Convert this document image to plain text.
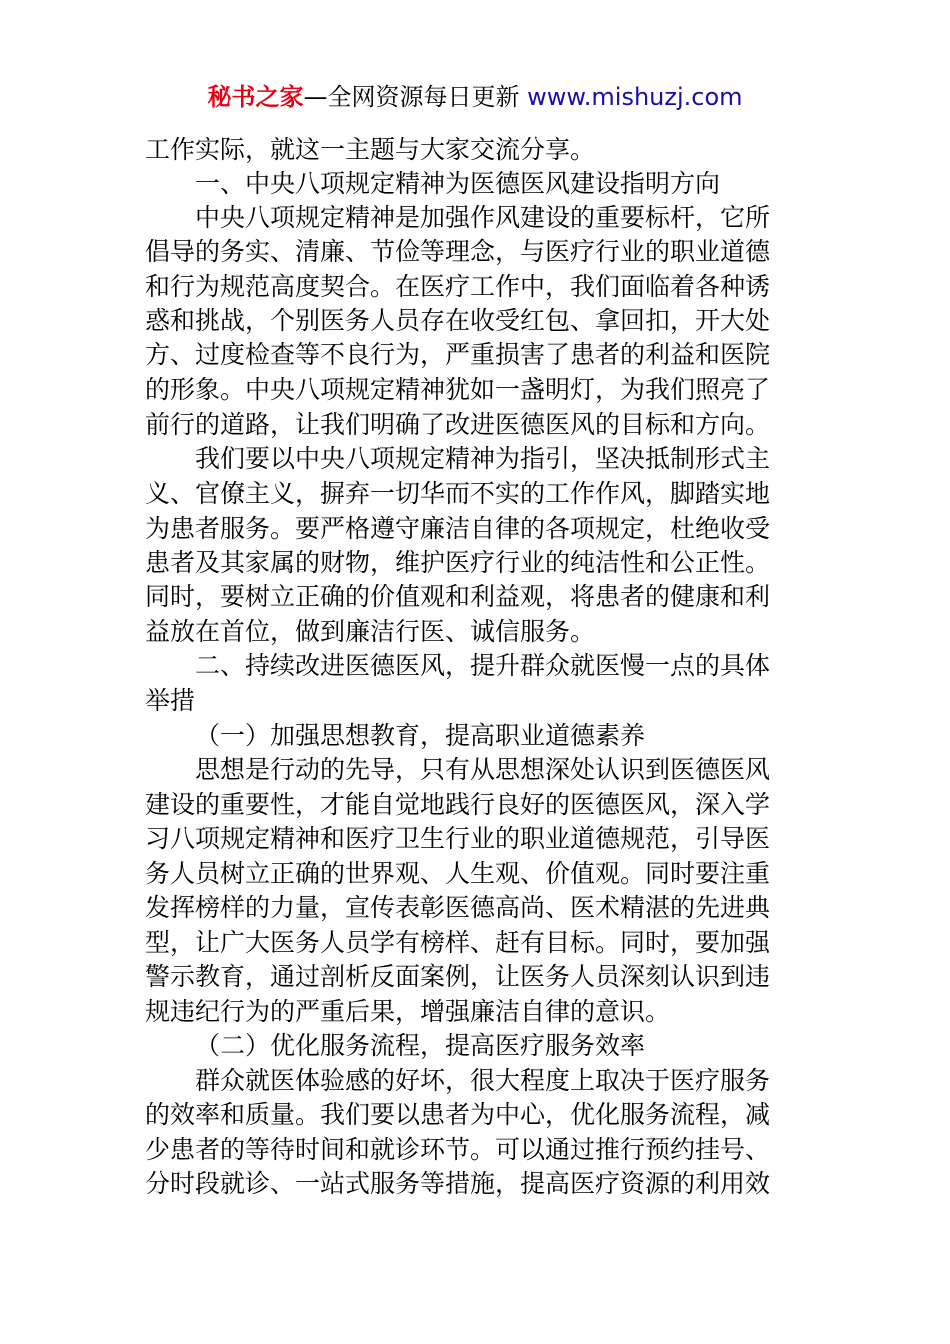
秘书之家—全网资源每日更新 www.mishuzj.com
工作实际，就这一主题与大家交流分享。
一、中央八项规定精神为医德医风建设指明方向
中央八项规定精神是加强作风建设的重要标杆，它所
倡导的务实、清廉、节俭等理念，与医疗行业的职业道德
和行为规范高度契合。在医疗工作中，我们面临着各种诱
惑和挑战，个别医务人员存在收受红包、拿回扣，开大处
方、过度检查等不良行为，严重损害了患者的利益和医院
的形象。中央八项规定精神犹如一盏明灯，为我们照亮了
前行的道路，让我们明确了改进医德医风的目标和方向。
我们要以中央八项规定精神为指引，坚决抵制形式主
义、官僚主义，摒弃一切华而不实的工作作风，脚踏实地
为患者服务。要严格遵守廉洁自律的各项规定，杜绝收受
患者及其家属的财物，维护医疗行业的纯洁性和公正性。
同时，要树立正确的价值观和利益观，将患者的健康和利
益放在首位，做到廉洁行医、诚信服务。
二、持续改进医德医风，提升群众就医慢一点的具体
举措
（一）加强思想教育，提高职业道德素养
思想是行动的先导，只有从思想深处认识到医德医风
建设的重要性，才能自觉地践行良好的医德医风，深入学
习八项规定精神和医疗卫生行业的职业道德规范，引导医
务人员树立正确的世界观、人生观、价值观。同时要注重
发挥榜样的力量，宣传表彰医德高尚、医术精湛的先进典
型，让广大医务人员学有榜样、赶有目标。同时，要加强
警示教育，通过剖析反面案例，让医务人员深刻认识到违
规违纪行为的严重后果，增强廉洁自律的意识。
（二）优化服务流程，提高医疗服务效率
群众就医体验感的好坏，很大程度上取决于医疗服务
的效率和质量。我们要以患者为中心，优化服务流程，减
少患者的等待时间和就诊环节。可以通过推行预约挂号、
分时段就诊、一站式服务等措施，提高医疗资源的利用效
